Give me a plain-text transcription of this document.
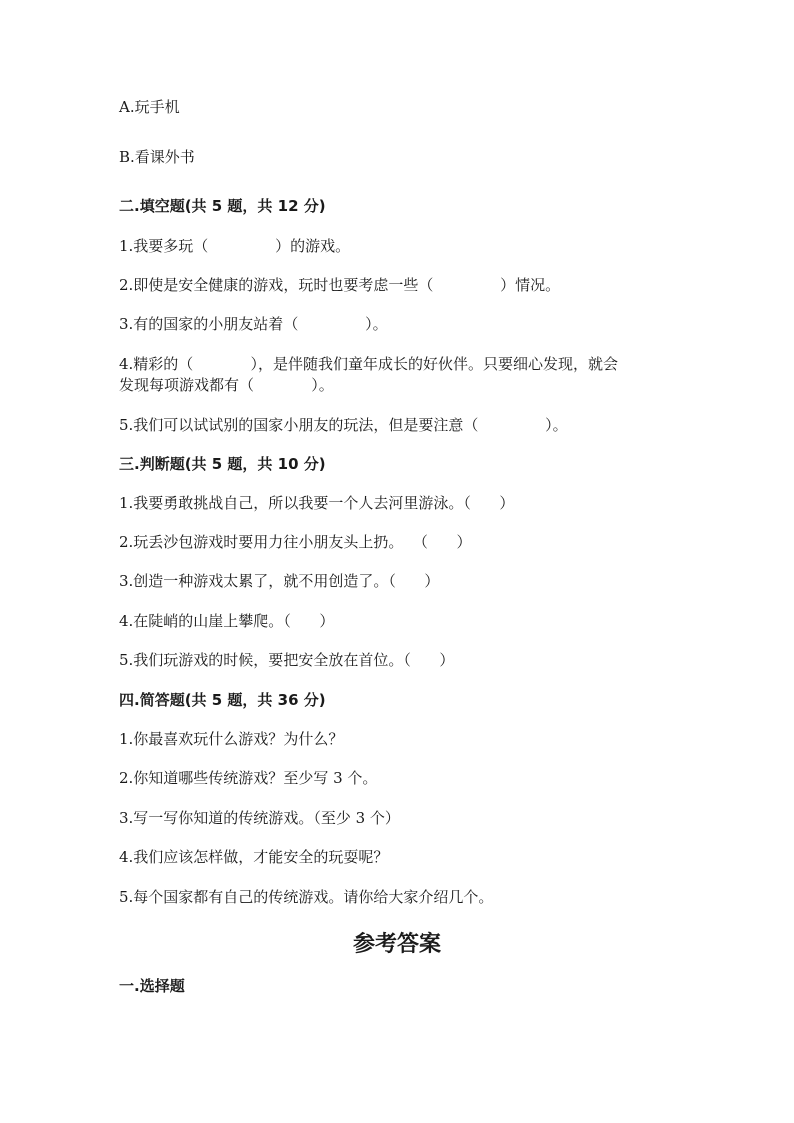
A.玩手机
B.看课外书
二.填空题(共 5 题，共 12 分)
1.我要多玩（              ）的游戏。
2.即使是安全健康的游戏，玩时也要考虑一些（              ）情况。
3.有的国家的小朋友站着（              ）。
4.精彩的（            ），是伴随我们童年成长的好伙伴。只要细心发现，就会
发现每项游戏都有（            ）。
5.我们可以试试别的国家小朋友的玩法，但是要注意（              ）。
三.判断题(共 5 题，共 10 分)
1.我要勇敢挑战自己，所以我要一个人去河里游泳。（      ）
2.玩丢沙包游戏时要用力往小朋友头上扔。  （      ）
3.创造一种游戏太累了，就不用创造了。（      ）
4.在陡峭的山崖上攀爬。（      ）
5.我们玩游戏的时候，要把安全放在首位。（      ）
四.简答题(共 5 题，共 36 分)
1.你最喜欢玩什么游戏？为什么？
2.你知道哪些传统游戏？至少写 3 个。
3.写一写你知道的传统游戏。（至少 3 个）
4.我们应该怎样做，才能安全的玩耍呢？
5.每个国家都有自己的传统游戏。请你给大家介绍几个。
参考答案
一.选择题
